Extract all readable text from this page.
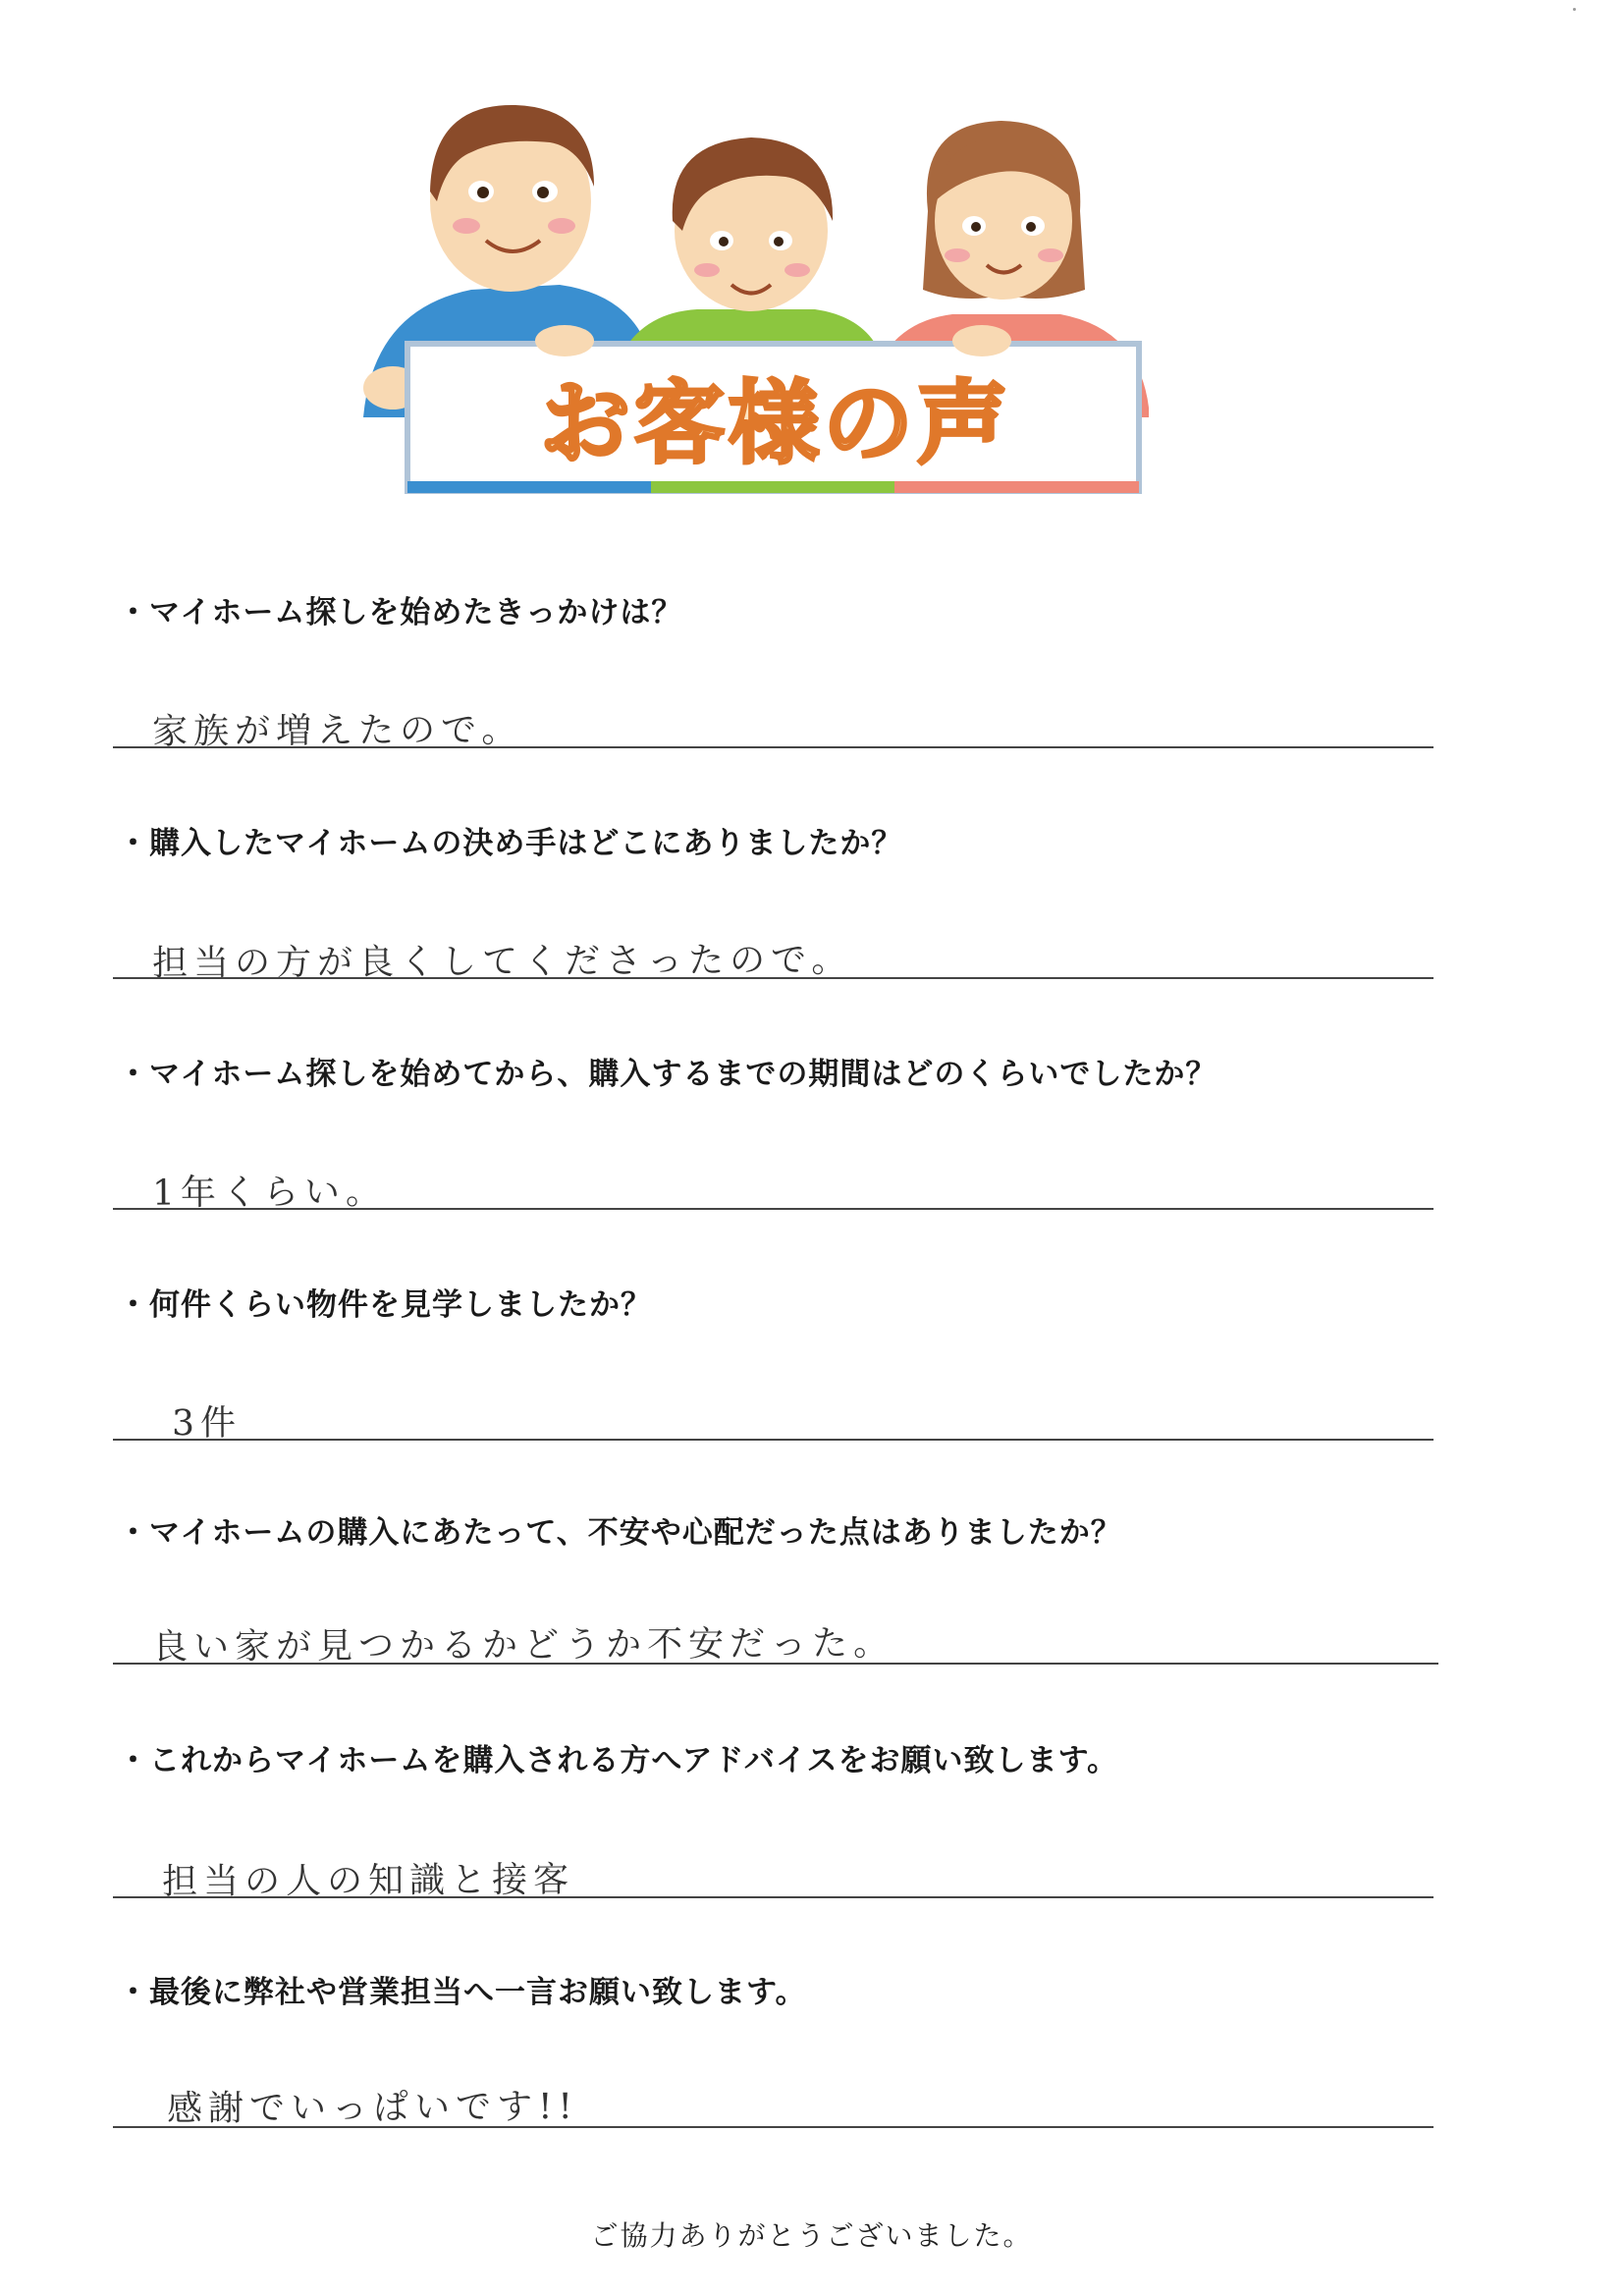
お客様の声
・マイホーム探しを始めたきっかけは？
家族が増えたので。
・購入したマイホームの決め手はどこにありましたか？
担当の方が良くしてくださったので。
・マイホーム探しを始めてから、購入するまでの期間はどのくらいでしたか？
1年くらい。
・何件くらい物件を見学しましたか？
3件
・マイホームの購入にあたって、不安や心配だった点はありましたか？
良い家が見つかるかどうか不安だった。
・これからマイホームを購入される方へアドバイスをお願い致します。
担当の人の知識と接客
・最後に弊社や営業担当へ一言お願い致します。
感謝でいっぱいです!!
ご協力ありがとうございました。
